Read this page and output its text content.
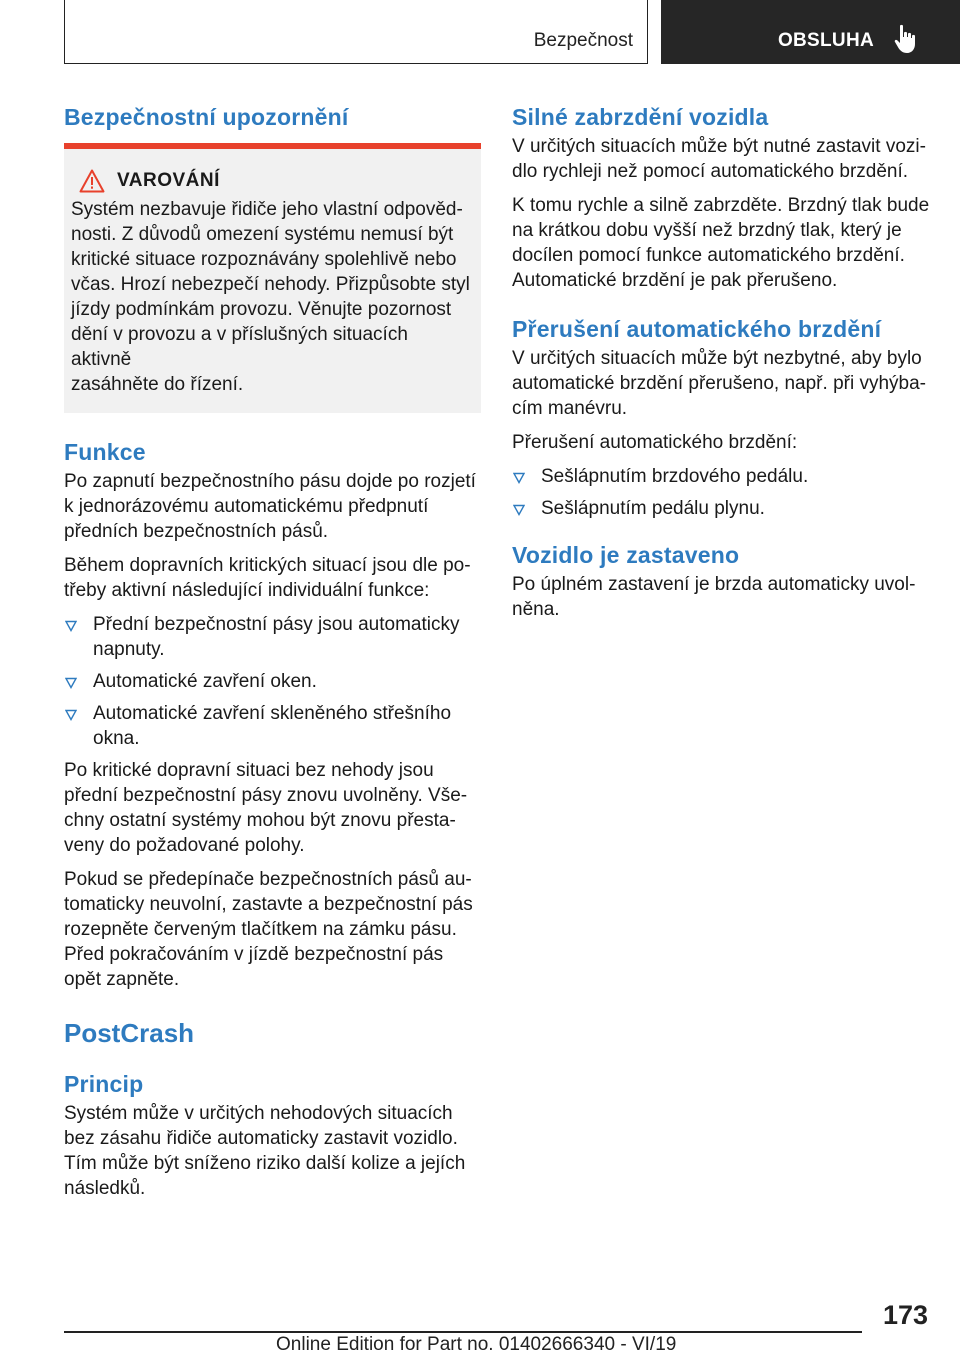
Bezpečnost	OBSLUHA
Bezpečnostní upozornění
VAROVÁNÍ

Systém nezbavuje řidiče jeho vlastní odpověd‐
nosti. Z důvodů omezení systému nemusí být
kritické situace rozpoznávány spolehlivě nebo
včas. Hrozí nebezpečí nehody. Přizpůsobte styl
jízdy podmínkám provozu. Věnujte pozornost
dění v provozu a v příslušných situacích aktivně
zasáhněte do řízení.

Funkce

Po zapnutí bezpečnostního pásu dojde po rozjetí
k jednorázovému automatickému předpnutí
předních bezpečnostních pásů.

Během dopravních kritických situací jsou dle po‐
třeby aktivní následující individuální funkce:

Přední bezpečnostní pásy jsou automaticky
napnuty.
Automatické zavření oken.
Automatické zavření skleněného střešního
okna.

Po kritické dopravní situaci bez nehody jsou
přední bezpečnostní pásy znovu uvolněny. Vše‐
chny ostatní systémy mohou být znovu přesta‐
veny do požadované polohy.

Pokud se předepínače bezpečnostních pásů au‐
tomaticky neuvolní, zastavte a bezpečnostní pás
rozepněte červeným tlačítkem na zámku pásu.
Před pokračováním v jízdě bezpečnostní pás
opět zapněte.

PostCrash
Princip

Systém může v určitých nehodových situacích
bez zásahu řidiče automaticky zastavit vozidlo.
Tím může být sníženo riziko další kolize a jejích
následků.

Silné zabrzdění vozidla

V určitých situacích může být nutné zastavit vozi‐
dlo rychleji než pomocí automatického brzdění.

K tomu rychle a silně zabrzděte. Brzdný tlak bude
na krátkou dobu vyšší než brzdný tlak, který je
docílen pomocí funkce automatického brzdění.
Automatické brzdění je pak přerušeno.

Přerušení automatického brzdění

V určitých situacích může být nezbytné, aby bylo
automatické brzdění přerušeno, např. při vyhýba‐
cím manévru.

Přerušení automatického brzdění:

Sešlápnutím brzdového pedálu.
Sešlápnutím pedálu plynu.
Vozidlo je zastaveno

Po úplném zastavení je brzda automaticky uvol‐
něna.

173
Online Edition for Part no. 01402666340 - VI/19
